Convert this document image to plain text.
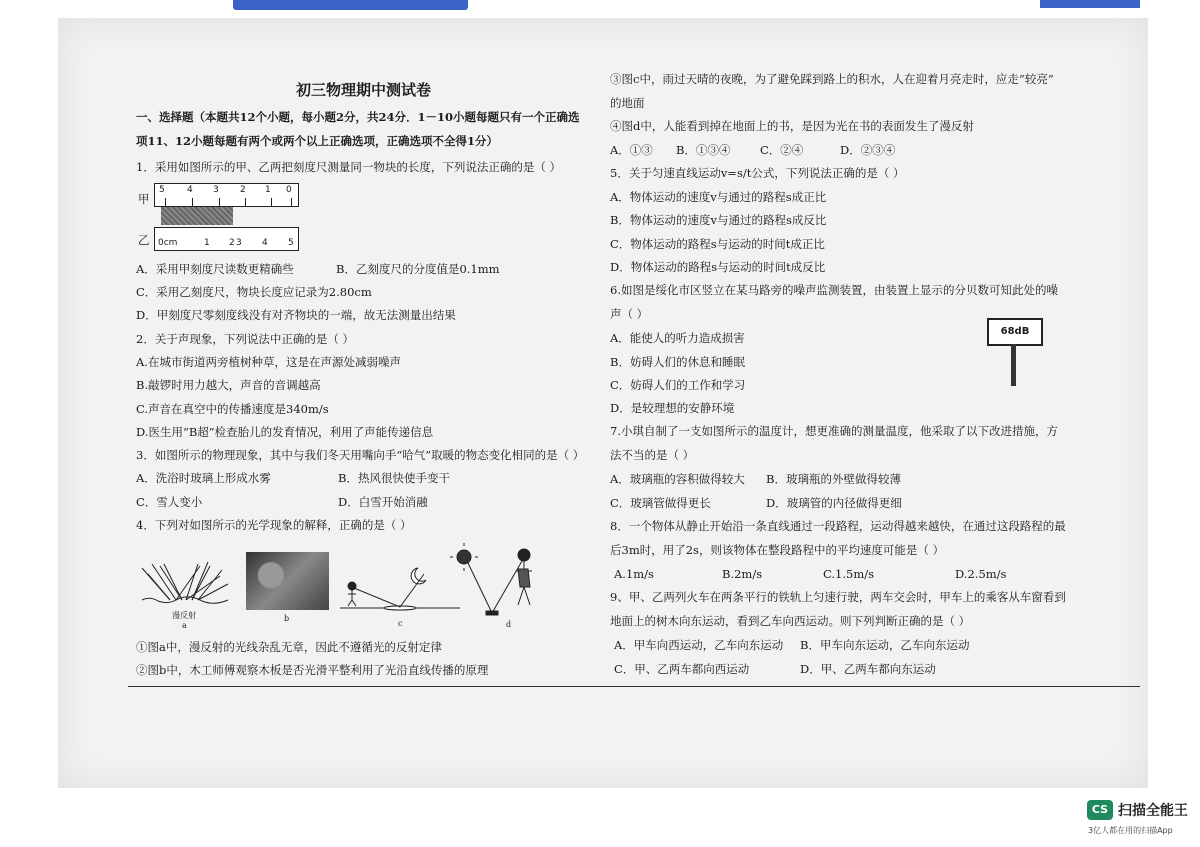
初三物理期中测试卷
一、选择题（本题共12个小题，每小题2分，共24分．1－10小题每题只有一个正确选
项11、12小题每题有两个或两个以上正确选项，正确选项不全得1分）
1．采用如图所示的甲、乙两把刻度尺测量同一物块的长度，下列说法正确的是（ ）
甲
5 4 3 2 1 0
乙 0cm	1 2 3 4 5
A．采用甲刻度尺读数更精确些	B．乙刻度尺的分度值是0.1mm
C．采用乙刻度尺，物块长度应记录为2.80cm
D．甲刻度尺零刻度线没有对齐物块的一端，故无法测量出结果
2．关于声现象，下列说法中正确的是（ ）
A.在城市街道两旁植树种草，这是在声源处减弱噪声
B.敲锣时用力越大，声音的音调越高
C.声音在真空中的传播速度是340m/s
D.医生用“B超”检查胎儿的发育情况，利用了声能传递信息
3．如图所示的物理现象，其中与我们冬天用嘴向手“哈气”取暖的物态变化相同的是（ ）
A．洗浴时玻璃上形成水雾	B．热风很快使手变干
C．雪人变小	D．白雪开始消融
4．下列对如图所示的光学现象的解释，正确的是（ ）
漫反射
a
b
c	d
①图a中，漫反射的光线杂乱无章，因此不遵循光的反射定律
②图b中，木工师傅观察木板是否光滑平整利用了光沿直线传播的原理
③图c中，雨过天晴的夜晚，为了避免踩到路上的积水，人在迎着月亮走时，应走“较亮”
的地面
④图d中，人能看到掉在地面上的书，是因为光在书的表面发生了漫反射
A．①③ B．①③④	C．②④	D．②③④
5．关于匀速直线运动v=s/t公式，下列说法正确的是（ ）
A．物体运动的速度v与通过的路程s成正比
B．物体运动的速度v与通过的路程s成反比
C．物体运动的路程s与运动的时间t成正比
D．物体运动的路程s与运动的时间t成反比
6.如图是绥化市区竖立在某马路旁的噪声监测装置，由装置上显示的分贝数可知此处的噪
声（ ）
68dB
A．能使人的听力造成损害
B．妨碍人们的休息和睡眠
C．妨碍人们的工作和学习
D．是较理想的安静环境
7.小琪自制了一支如图所示的温度计，想更准确的测量温度，他采取了以下改进措施，方
法不当的是（ ）
A．玻璃瓶的容积做得较大 B．玻璃瓶的外壁做得较薄
C．玻璃管做得更长	D．玻璃管的内径做得更细
8．一个物体从静止开始沿一条直线通过一段路程，运动得越来越快，在通过这段路程的最
后3m时，用了2s，则该物体在整段路程中的平均速度可能是（ ）
A.1m/s	B.2m/s	C.1.5m/s	D.2.5m/s
9、甲、乙两列火车在两条平行的铁轨上匀速行驶，两车交会时，甲车上的乘客从车窗看到
地面上的树木向东运动，看到乙车向西运动。则下列判断正确的是（ ）
A．甲车向西运动，乙车向东运动 B．甲车向东运动，乙车向东运动
C．甲、乙两车都向西运动	D．甲、乙两车都向东运动
CS 扫描全能王
3亿人都在用的扫描App
